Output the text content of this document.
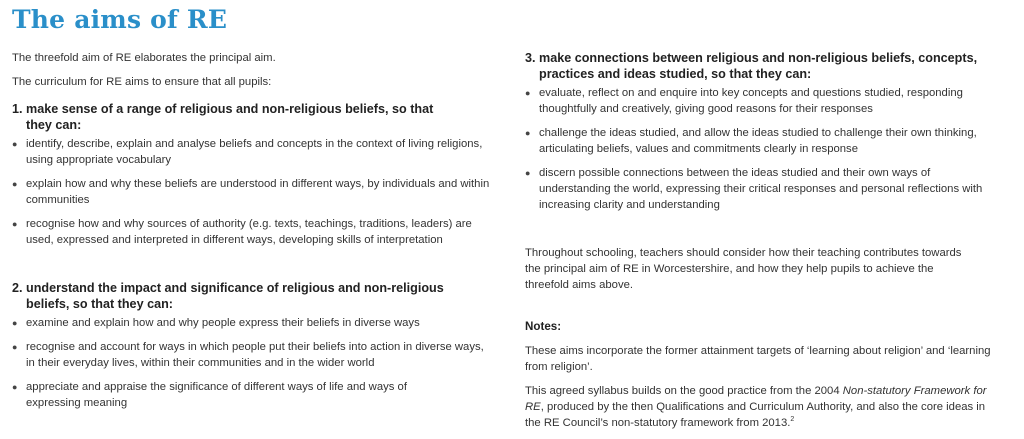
The aims of RE

The threefold aim of RE elaborates the principal aim.

The curriculum for RE aims to ensure that all pupils:

1. make sense of a range of religious and non-religious beliefs, so that they can:
● identify, describe, explain and analyse beliefs and concepts in the context of living religions, using appropriate vocabulary
● explain how and why these beliefs are understood in different ways, by individuals and within communities
● recognise how and why sources of authority (e.g. texts, teachings, traditions, leaders) are used, expressed and interpreted in different ways, developing skills of interpretation
2. understand the impact and significance of religious and non-religious beliefs, so that they can:
● examine and explain how and why people express their beliefs in diverse ways
● recognise and account for ways in which people put their beliefs into action in diverse ways, in their everyday lives, within their communities and in the wider world
● appreciate and appraise the significance of different ways of life and ways of expressing meaning
3. make connections between religious and non-religious beliefs, concepts, practices and ideas studied, so that they can:
● evaluate, reflect on and enquire into key concepts and questions studied, responding thoughtfully and creatively, giving good reasons for their responses
● challenge the ideas studied, and allow the ideas studied to challenge their own thinking, articulating beliefs, values and commitments clearly in response
● discern possible connections between the ideas studied and their own ways of understanding the world, expressing their critical responses and personal reflections with increasing clarity and understanding

Throughout schooling, teachers should consider how their teaching contributes towards the principal aim of RE in Worcestershire, and how they help pupils to achieve the threefold aims above.

Notes:

These aims incorporate the former attainment targets of ‘learning about religion’ and ‘learning from religion’.

This agreed syllabus builds on the good practice from the 2004 Non-statutory Framework for RE, produced by the then Qualifications and Curriculum Authority, and also the core ideas in the RE Council’s non-statutory framework from 2013.$^2$
